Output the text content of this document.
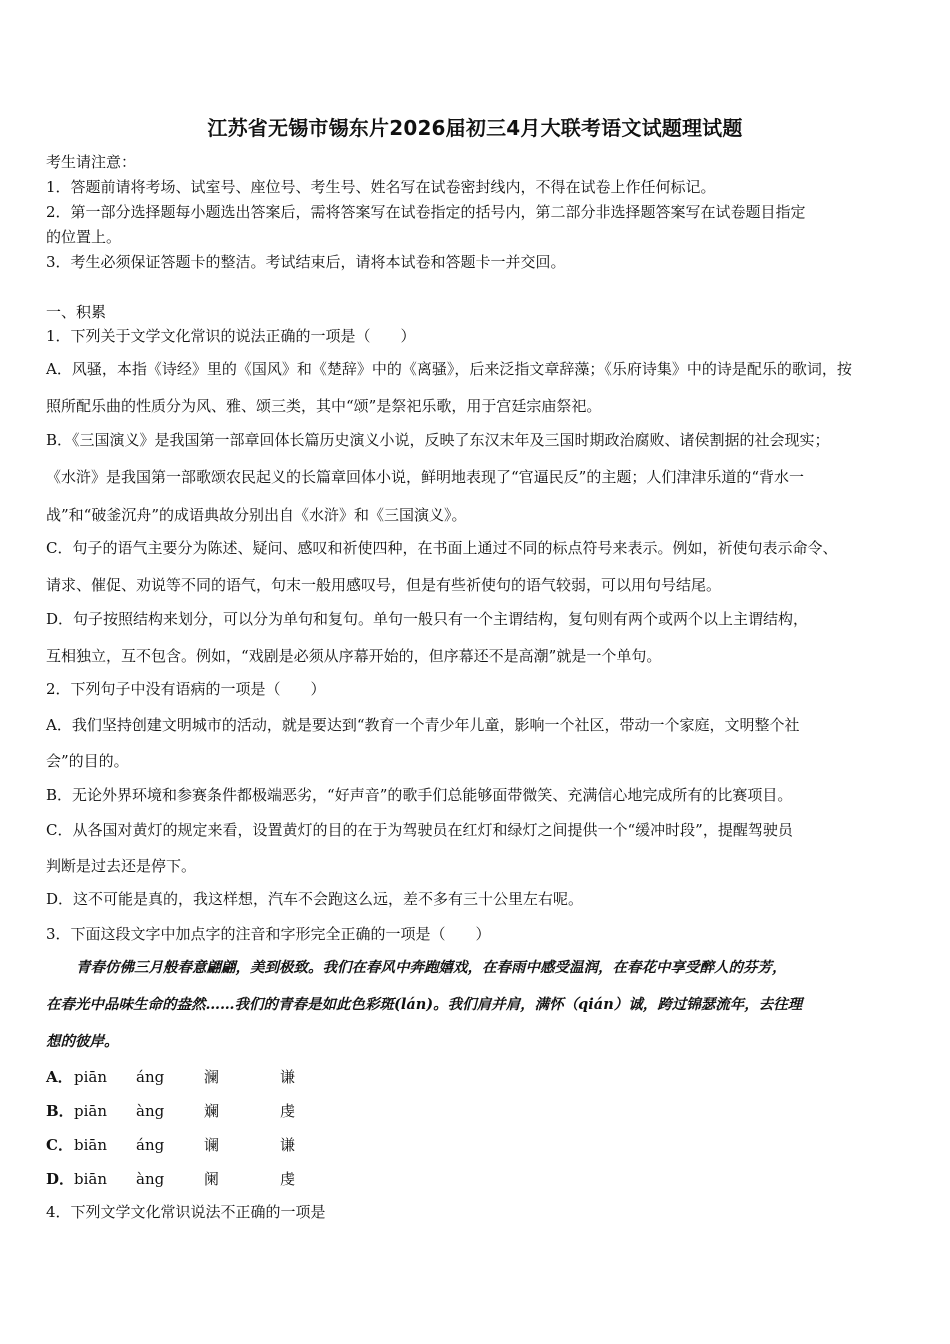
江苏省无锡市锡东片2026届初三4月大联考语文试题理试题
考生请注意：
1．答题前请将考场、试室号、座位号、考生号、姓名写在试卷密封线内，不得在试卷上作任何标记。
2．第一部分选择题每小题选出答案后，需将答案写在试卷指定的括号内，第二部分非选择题答案写在试卷题目指定
的位置上。
3．考生必须保证答题卡的整洁。考试结束后，请将本试卷和答题卡一并交回。
一、积累
1．下列关于文学文化常识的说法正确的一项是（　　）
A．风骚，本指《诗经》里的《国风》和《楚辞》中的《离骚》，后来泛指文章辞藻；《乐府诗集》中的诗是配乐的歌词，按
照所配乐曲的性质分为风、雅、颂三类，其中“颂”是祭祀乐歌，用于宫廷宗庙祭祀。
B．《三国演义》是我国第一部章回体长篇历史演义小说，反映了东汉末年及三国时期政治腐败、诸侯割据的社会现实；
《水浒》是我国第一部歌颂农民起义的长篇章回体小说，鲜明地表现了“官逼民反”的主题；人们津津乐道的“背水一
战”和“破釜沉舟”的成语典故分别出自《水浒》和《三国演义》。
C．句子的语气主要分为陈述、疑问、感叹和祈使四种，在书面上通过不同的标点符号来表示。例如，祈使句表示命令、
请求、催促、劝说等不同的语气，句末一般用感叹号，但是有些祈使句的语气较弱，可以用句号结尾。
D．句子按照结构来划分，可以分为单句和复句。单句一般只有一个主谓结构，复句则有两个或两个以上主谓结构，
互相独立，互不包含。例如，“戏剧是必须从序幕开始的，但序幕还不是高潮”就是一个单句。
2．下列句子中没有语病的一项是（　　）
A．我们坚持创建文明城市的活动，就是要达到“教育一个青少年儿童，影响一个社区，带动一个家庭，文明整个社
会”的目的。
B．无论外界环境和参赛条件都极端恶劣，“好声音”的歌手们总能够面带微笑、充满信心地完成所有的比赛项目。
C．从各国对黄灯的规定来看，设置黄灯的目的在于为驾驶员在红灯和绿灯之间提供一个“缓冲时段”，提醒驾驶员
判断是过去还是停下。
D．这不可能是真的，我这样想，汽车不会跑这么远，差不多有三十公里左右呢。
3．下面这段文字中加点字的注音和字形完全正确的一项是（　　）
青春仿佛三月般春意翩翩，美到极致。我们在春风中奔跑嬉戏，在春雨中感受温润，在春花中享受醉人的芬芳，
在春光中品味生命的盎然……我们的青春是如此色彩斑(lán)。我们肩并肩，满怀（qián）诚，跨过锦瑟流年，去往理
想的彼岸。
A． piān áng	澜	谦
B． piān àng	斓	虔
C． biān áng	谰	谦
D． biān àng	阑	虔
4．下列文学文化常识说法不正确的一项是
